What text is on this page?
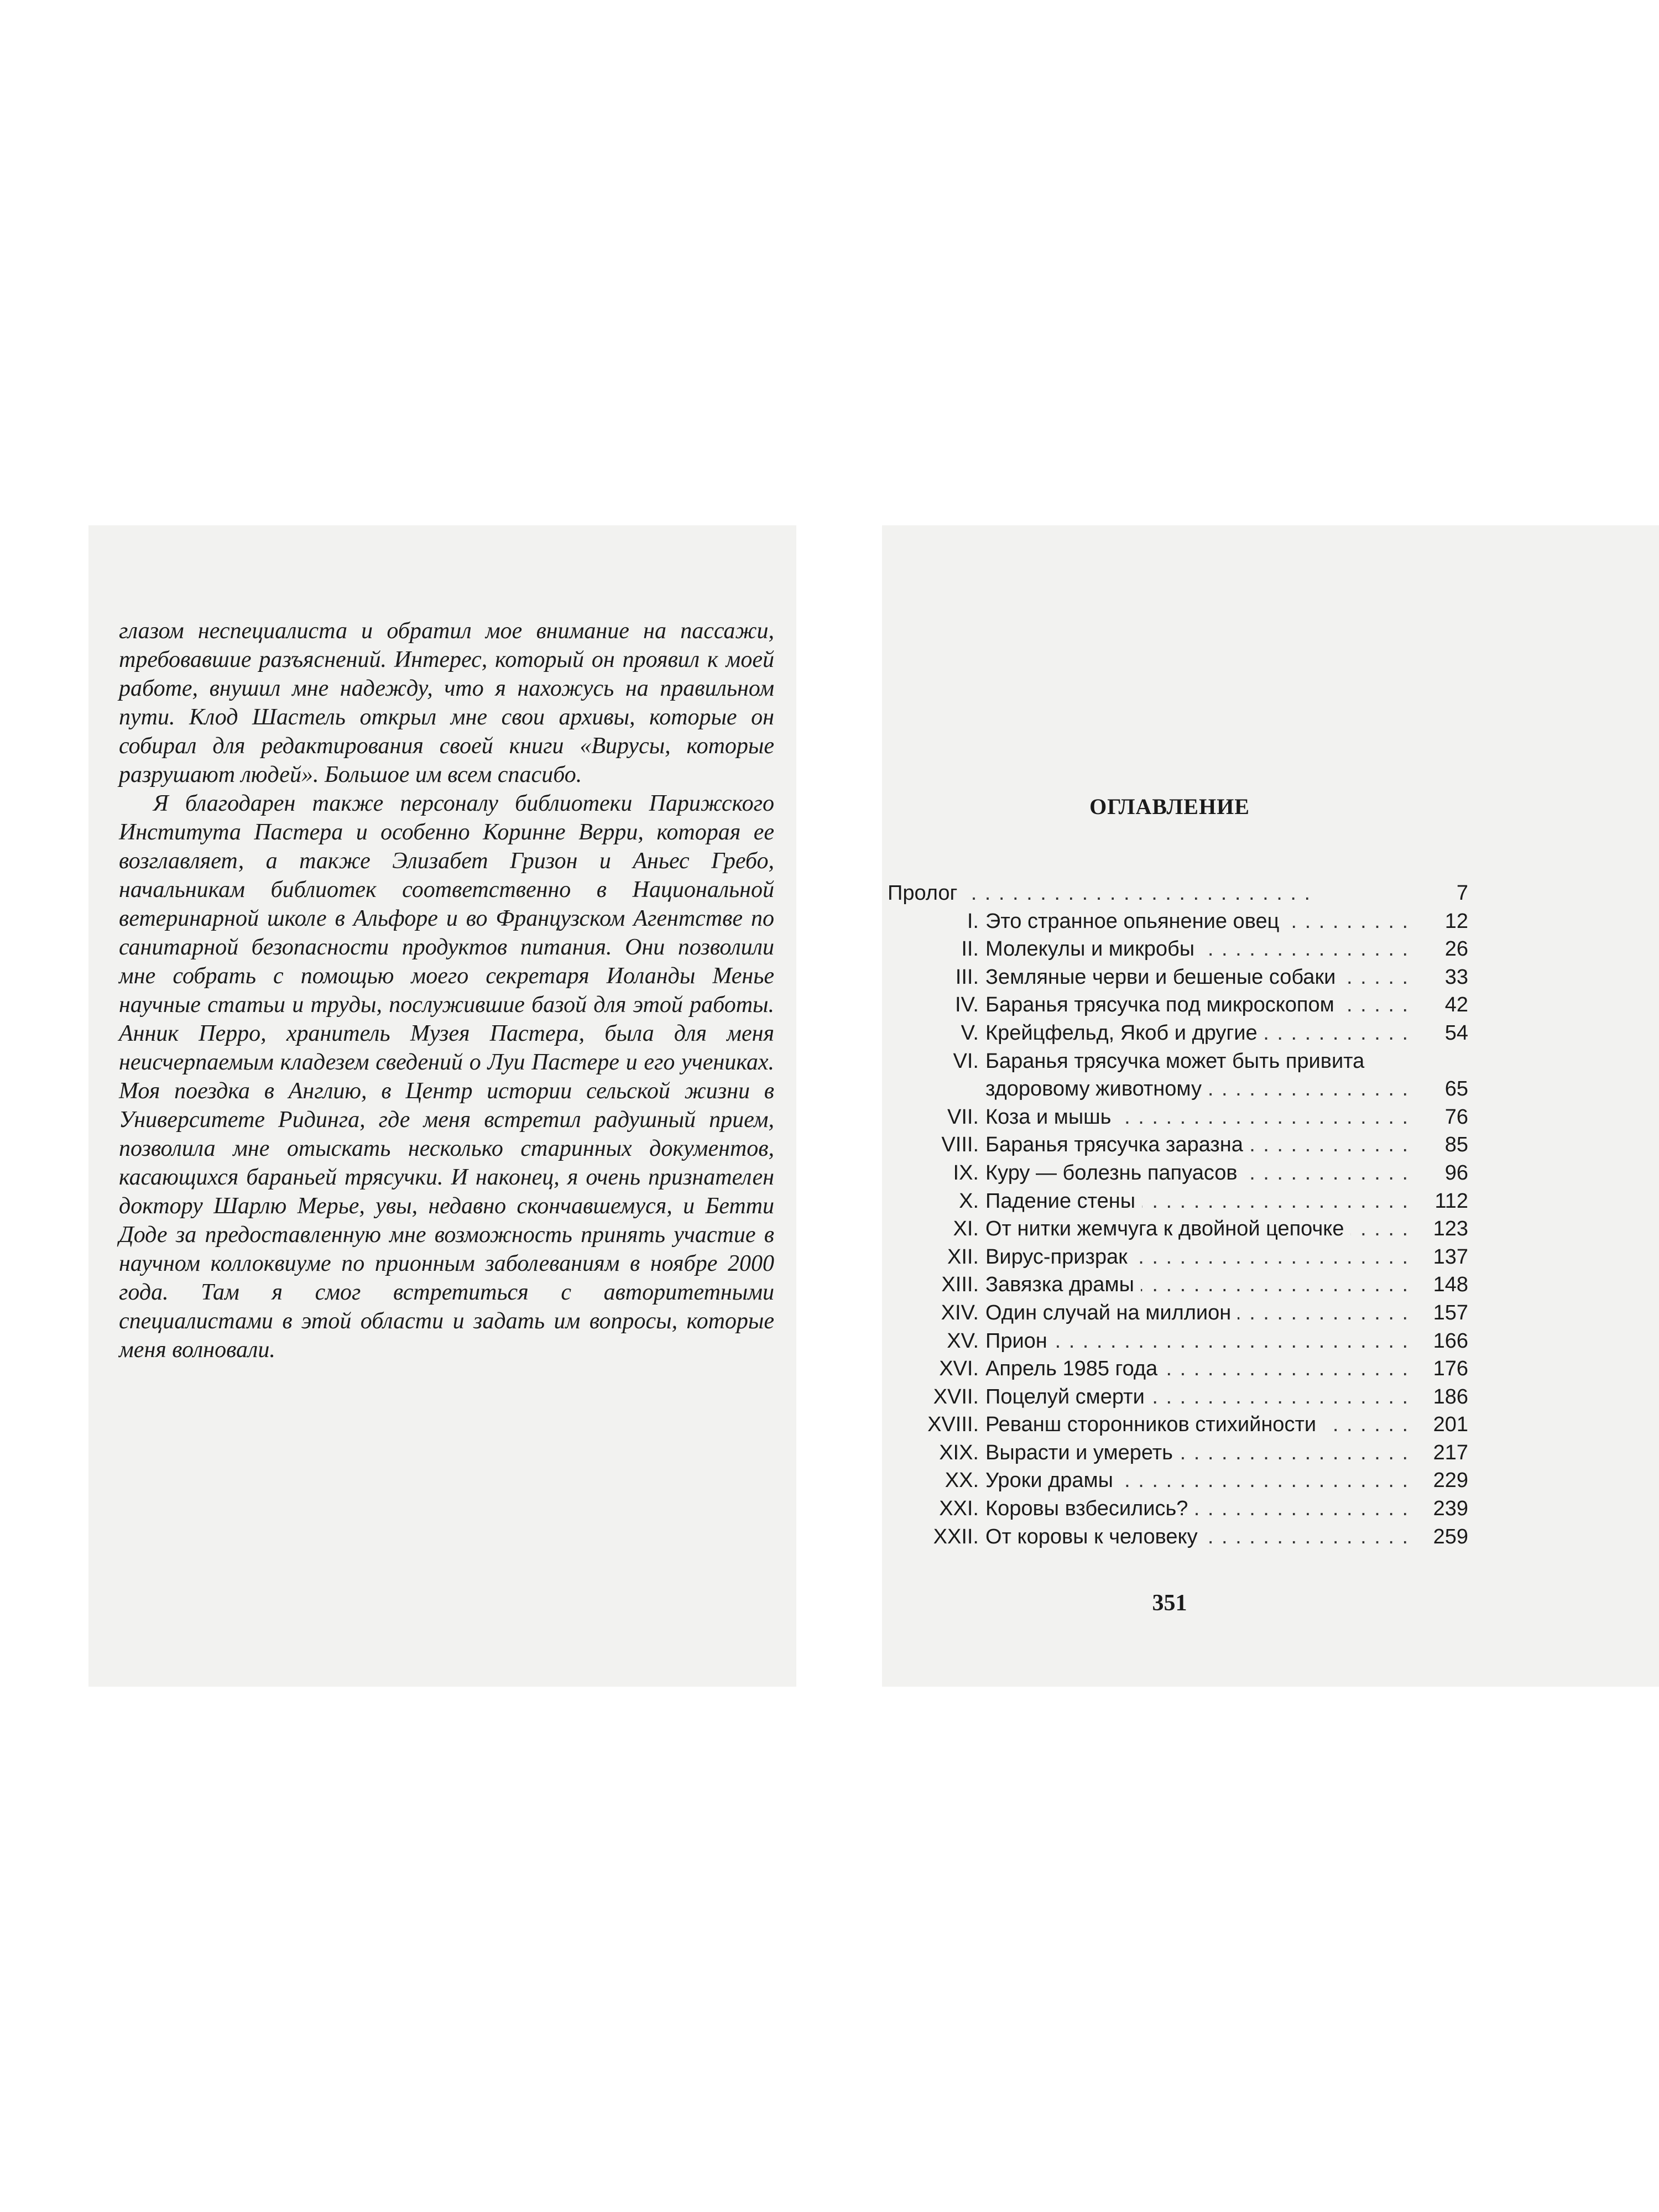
глазом неспециалиста и обратил мое внимание на пассажи, требовавшие разъяснений. Интерес, который он проявил к моей работе, внушил мне надежду, что я нахожусь на правильном пути. Клод Шастель открыл мне свои архивы, которые он собирал для редактирования своей книги «Вирусы, которые разрушают людей». Большое им всем спасибо.

Я благодарен также персоналу библиотеки Парижского Института Пастера и особенно Коринне Верри, которая ее возглавляет, а также Элизабет Гризон и Аньес Гребо, начальникам библиотек соответственно в Национальной ветеринарной школе в Альфоре и во Французском Агентстве по санитарной безопасности продуктов питания. Они позволили мне собрать с помощью моего секретаря Иоланды Менье научные статьи и труды, послужившие базой для этой работы. Анник Перро, хранитель Музея Пастера, была для меня неисчерпаемым кладезем сведений о Луи Пастере и его учениках. Моя поездка в Англию, в Центр истории сельской жизни в Университете Ридинга, где меня встретил радушный прием, позволила мне отыскать несколько старинных документов, касающихся бараньей трясучки. И наконец, я очень признателен доктору Шарлю Мерье, увы, недавно скончавшемуся, и Бетти Доде за предоставленную мне возможность принять участие в научном коллоквиуме по прионным заболеваниям в ноябре 2000 года. Там я смог встретиться с авторитетными специалистами в этой области и задать им вопросы, которые меня волновали.

ОГЛАВЛЕНИЕ
Пролог . . .	7
I. Это странное опьянение овец . . .	12
II. Молекулы и микробы . . .	26
III. Земляные черви и бешеные собаки . . .	33
IV. Баранья трясучка под микроскопом . . .	42
V. Крейцфельд, Якоб и другие . . .	54
VI. Баранья трясучка может быть привита здоровому животному . . .	65
VII. Коза и мышь . . .	76
VIII. Баранья трясучка заразна . . .	85
IX. Куру — болезнь папуасов . . .	96
X. Падение стены . . .	112
XI. От нитки жемчуга к двойной цепочке . . .	123
XII. Вирус-призрак . . .	137
XIII. Завязка драмы . . .	148
XIV. Один случай на миллион . . .	157
XV. Прион . . .	166
XVI. Апрель 1985 года . . .	176
XVII. Поцелуй смерти . . .	186
XVIII. Реванш сторонников стихийности . . .	201
XIX. Вырасти и умереть . . .	217
XX. Уроки драмы . . .	229
XXI. Коровы взбесились? . . .	239
XXII. От коровы к человеку . . .	259
351
